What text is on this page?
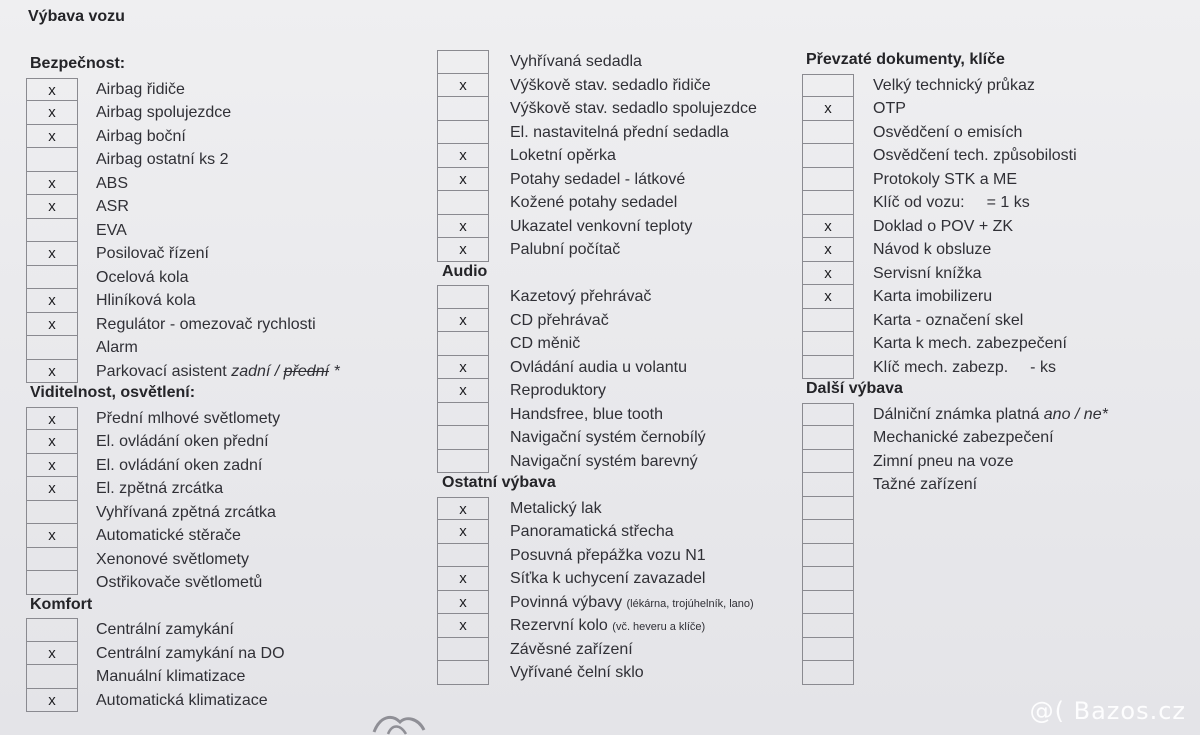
Výbava vozu
Bezpečnost:
x	Airbag řidiče
x	Airbag spolujezdce
x	Airbag boční
Airbag ostatní ks 2
x	ABS
x	ASR
EVA
x	Posilovač řízení
Ocelová kola
x	Hliníková kola
x	Regulátor - omezovač rychlosti
Alarm
x	Parkovací asistent zadní / přední *
Viditelnost, osvětlení:
x	Přední mlhové světlomety
x	El. ovládání oken přední
x	El. ovládání oken zadní
x	El. zpětná zrcátka
Vyhřívaná zpětná zrcátka
x	Automatické stěrače
Xenonové světlomety
Ostřikovače světlometů
Komfort
Centrální zamykání
x	Centrální zamykání na DO
Manuální klimatizace
x	Automatická klimatizace
Vyhřívaná sedadla
x	Výškově stav. sedadlo řidiče
Výškově stav. sedadlo spolujezdce
El. nastavitelná přední sedadla
x	Loketní opěrka
x	Potahy sedadel - látkové
Kožené potahy sedadel
x	Ukazatel venkovní teploty
x	Palubní počítač
Audio
Kazetový přehrávač
x	CD přehrávač
CD měnič
x	Ovládání audia u volantu
x	Reproduktory
Handsfree, blue tooth
Navigační systém černobílý
Navigační systém barevný
Ostatní výbava
x	Metalický lak
x	Panoramatická střecha
Posuvná přepážka vozu N1
x	Síťka k uchycení zavazadel
x	Povinná výbavy (lékárna, trojúhelník, lano)
x	Rezervní kolo (vč. heveru a klíče)
Závěsné zařízení
Vyřívané čelní sklo
Převzaté dokumenty, klíče
Velký technický průkaz
x	OTP
Osvědčení o emisích
Osvědčení tech. způsobilosti
Protokoly STK a ME
Klíč od vozu: = 1 ks
x	Doklad o POV + ZK
x	Návod k obsluze
x	Servisní knížka
x	Karta imobilizeru
Karta - označení skel
Karta k mech. zabezpečení
Klíč mech. zabezp. - ks
Další výbava
Dálniční známka platná ano / ne*
Mechanické zabezpečení
Zimní pneu na voze
Tažné zařízení
@( Bazos.cz
